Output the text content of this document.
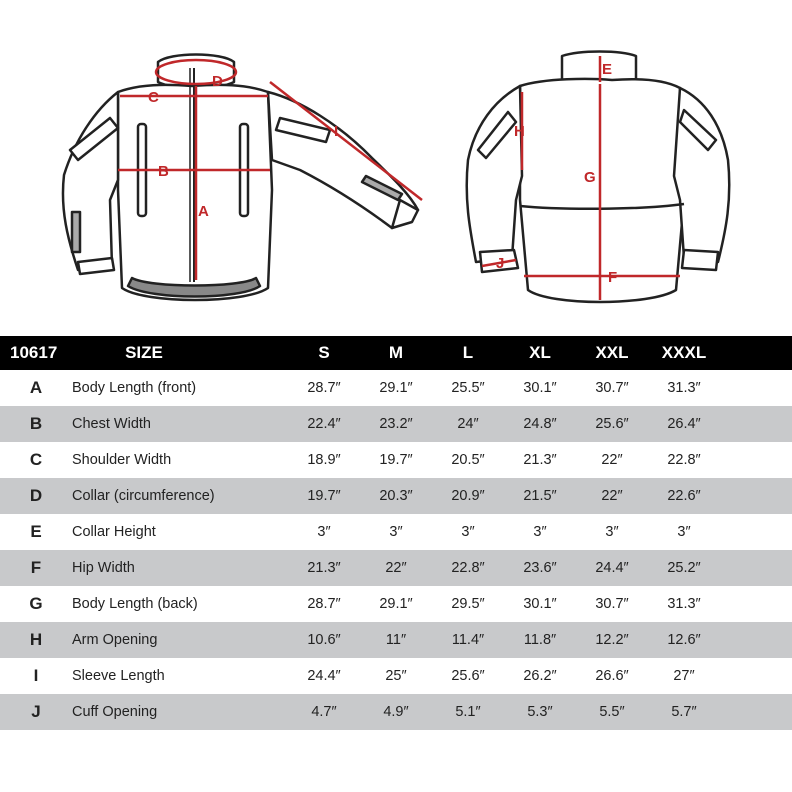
A
B
C
D
I
E
G
F
H
J
10617	SIZE	S	M	L	XL	XXL	XXXL
A	Body Length (front)	28.7″	29.1″	25.5″	30.1″	30.7″	31.3″
B	Chest Width	22.4″	23.2″	24″	24.8″	25.6″	26.4″
C	Shoulder Width	18.9″	19.7″	20.5″	21.3″	22″	22.8″
D	Collar (circumference)	19.7″	20.3″	20.9″	21.5″	22″	22.6″
E	Collar Height	3″	3″	3″	3″	3″	3″
F	Hip Width	21.3″	22″	22.8″	23.6″	24.4″	25.2″
G	Body Length (back)	28.7″	29.1″	29.5″	30.1″	30.7″	31.3″
H	Arm Opening	10.6″	11″	11.4″	11.8″	12.2″	12.6″
I	Sleeve Length	24.4″	25″	25.6″	26.2″	26.6″	27″
J	Cuff Opening	4.7″	4.9″	5.1″	5.3″	5.5″	5.7″
